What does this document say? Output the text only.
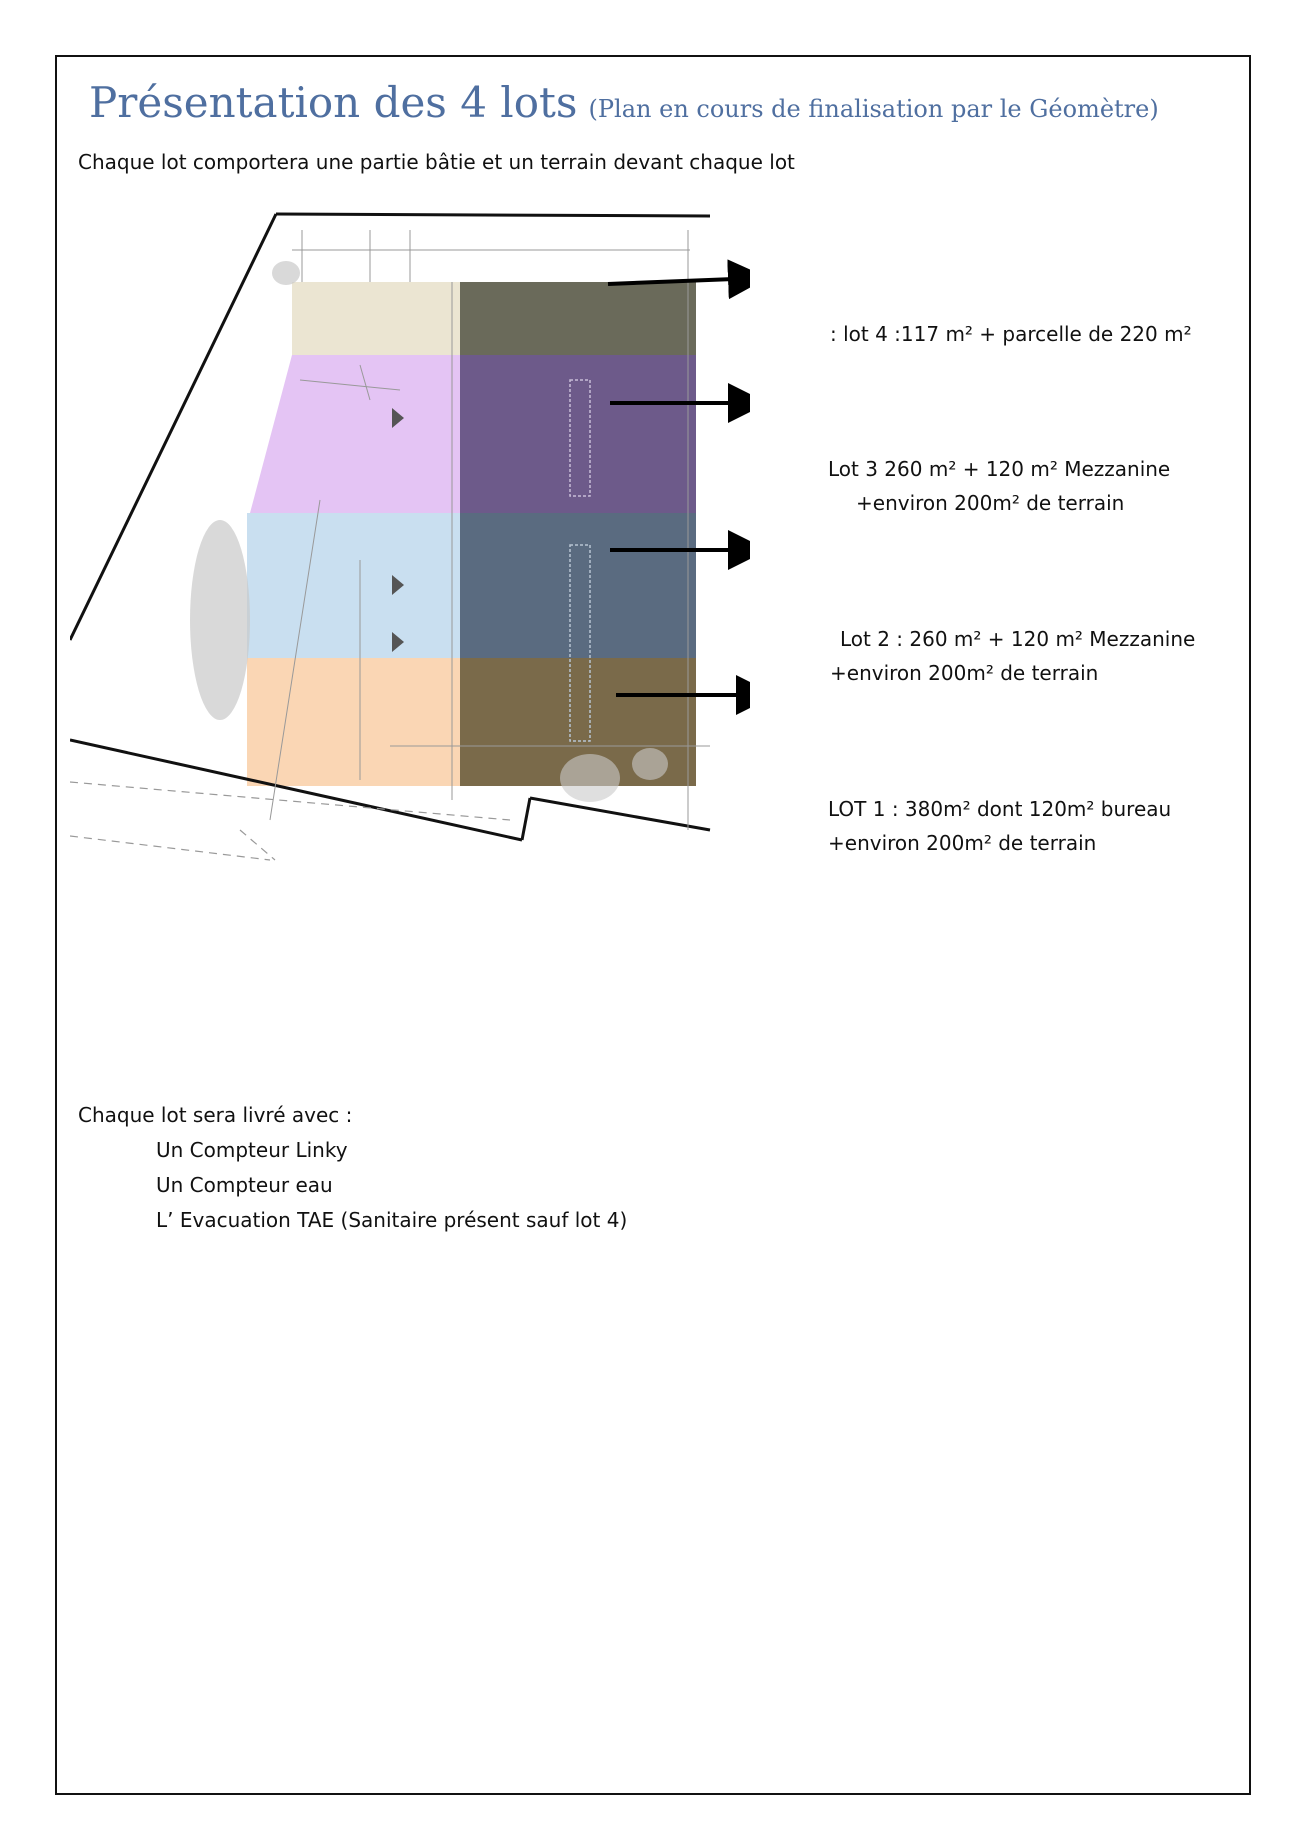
Présentation des 4 lots (Plan en cours de finalisation par le Géomètre)
Chaque lot comportera une partie bâtie et un terrain devant chaque lot
: lot 4 :117 m² + parcelle de 220 m²
Lot 3 260 m² + 120 m² Mezzanine
+environ 200m² de terrain
Lot 2 : 260 m² + 120 m² Mezzanine
+environ 200m² de terrain
LOT 1 : 380m² dont 120m² bureau
+environ 200m² de terrain
Chaque lot sera livré avec :
Un Compteur Linky
Un Compteur eau
L’ Evacuation TAE (Sanitaire présent sauf lot 4)
